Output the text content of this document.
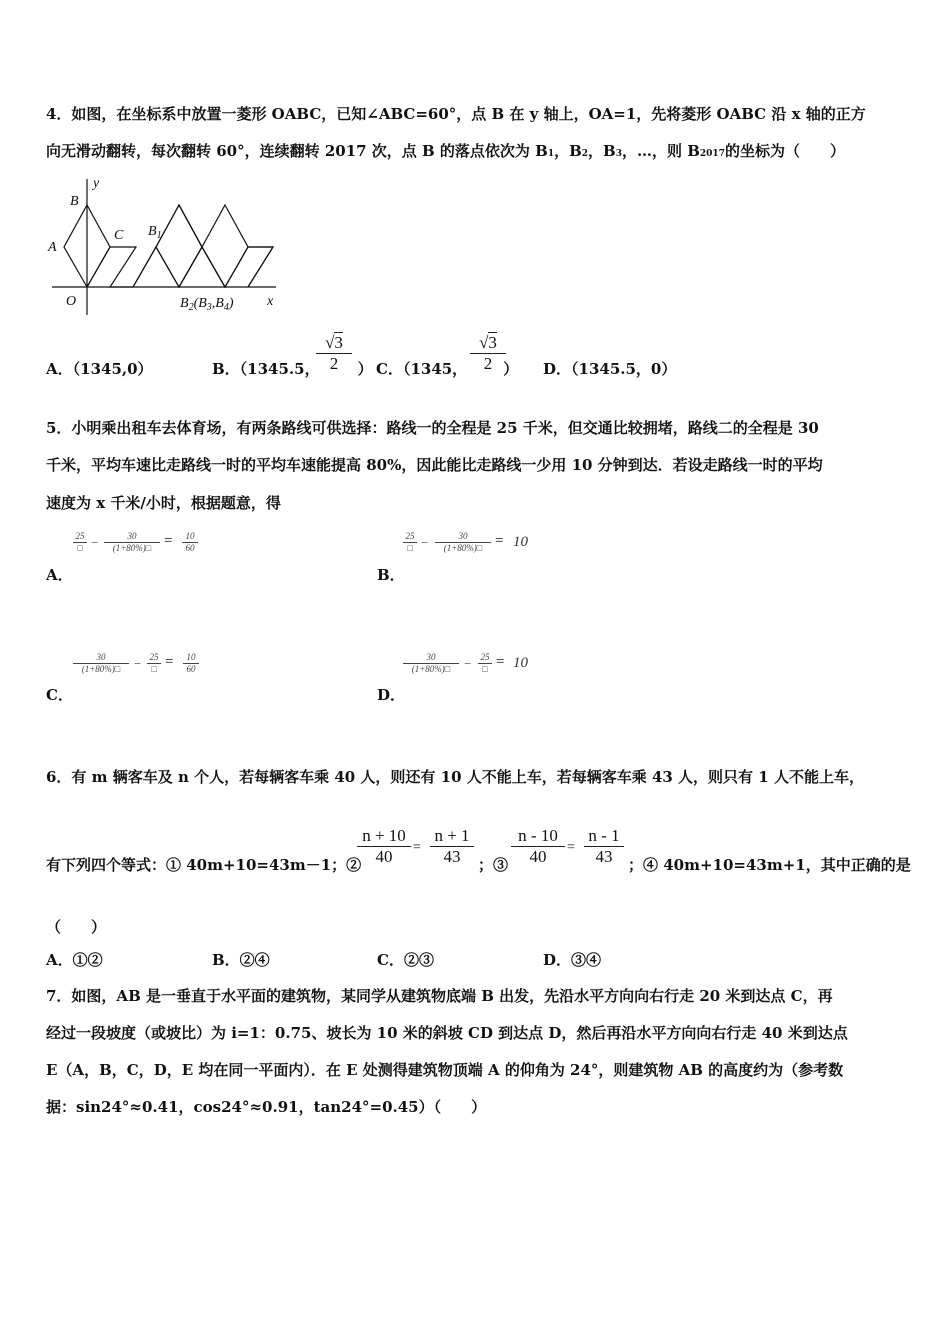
4．如图，在坐标系中放置一菱形 OABC，已知∠ABC=60°，点 B 在 y 轴上，OA=1，先将菱形 OABC 沿 x 轴的正方
向无滑动翻转，每次翻转 60°，连续翻转 2017 次，点 B 的落点依次为 B1，B2，B3，…，则 B2017的坐标为（　　）
y
x
B
A
C
O
$B_1$
$B_2(B_3,B_4)$
A．（1345,0）	B．（1345.5，	）
√3
2	C．（1345， ）
√3
2	D．（1345.5，0）
5．小明乘出租车去体育场，有两条路线可供选择：路线一的全程是 25 千米，但交通比较拥堵，路线二的全程是 30
千米，平均车速比走路线一时的平均车速能提高 80%，因此能比走路线一少用 10 分钟到达．若设走路线一时的平均
速度为 x 千米/小时，根据题意，得
25
□ −	30
(1+80%)□ =	10
60
A．
25
□ −	30
(1+80%)□ = 10
B．
30
(1+80%)□	− 25
□ =	10
60
C．
30
(1+80%)□	− 25
□ = 10
D．
6．有 m 辆客车及 n 个人，若每辆客车乘 40 人，则还有 10 人不能上车，若每辆客车乘 43 人，则只有 1 人不能上车，
有下列四个等式：① 40m+10=43m－1；②
n + 10
40	=
n + 1
43	；③
n - 10
40	=
n - 1
43	；④ 40m+10=43m+1，其中正确的是
（　　）
A．①②	B．②④	C．②③	D．③④
7．如图，AB 是一垂直于水平面的建筑物，某同学从建筑物底端 B 出发，先沿水平方向向右行走 20 米到达点 C，再
经过一段坡度（或坡比）为 i=1：0.75、坡长为 10 米的斜坡 CD 到达点 D，然后再沿水平方向向右行走 40 米到达点
E（A，B，C，D，E 均在同一平面内）．在 E 处测得建筑物顶端 A 的仰角为 24°，则建筑物 AB 的高度约为（参考数
据：sin24°≈0.41，cos24°≈0.91，tan24°=0.45）（　　）
